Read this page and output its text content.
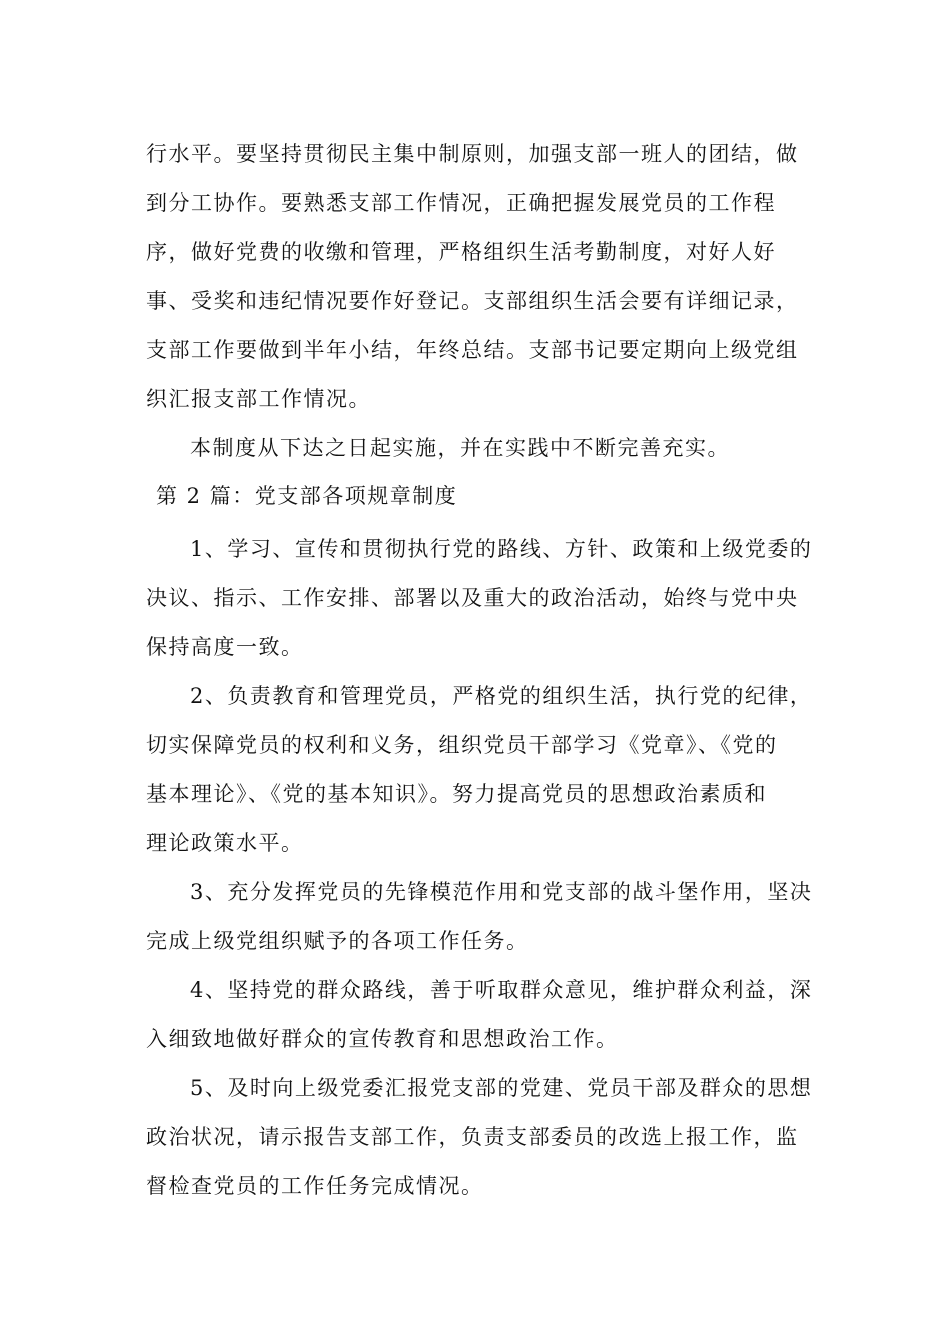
行水平。要坚持贯彻民主集中制原则，加强支部一班人的团结，做
到分工协作。要熟悉支部工作情况，正确把握发展党员的工作程
序，做好党费的收缴和管理，严格组织生活考勤制度，对好人好
事、受奖和违纪情况要作好登记。支部组织生活会要有详细记录，
支部工作要做到半年小结，年终总结。支部书记要定期向上级党组
织汇报支部工作情况。
本制度从下达之日起实施，并在实践中不断完善充实。
第 2 篇：党支部各项规章制度
1、学习、宣传和贯彻执行党的路线、方针、政策和上级党委的
决议、指示、工作安排、部署以及重大的政治活动，始终与党中央
保持高度一致。
2、负责教育和管理党员，严格党的组织生活，执行党的纪律，
切实保障党员的权利和义务，组织党员干部学习《党章》、《党的
基本理论》、《党的基本知识》。努力提高党员的思想政治素质和
理论政策水平。
3、充分发挥党员的先锋模范作用和党支部的战斗堡作用，坚决
完成上级党组织赋予的各项工作任务。
4、坚持党的群众路线，善于听取群众意见，维护群众利益，深
入细致地做好群众的宣传教育和思想政治工作。
5、及时向上级党委汇报党支部的党建、党员干部及群众的思想
政治状况，请示报告支部工作，负责支部委员的改选上报工作，监
督检查党员的工作任务完成情况。
